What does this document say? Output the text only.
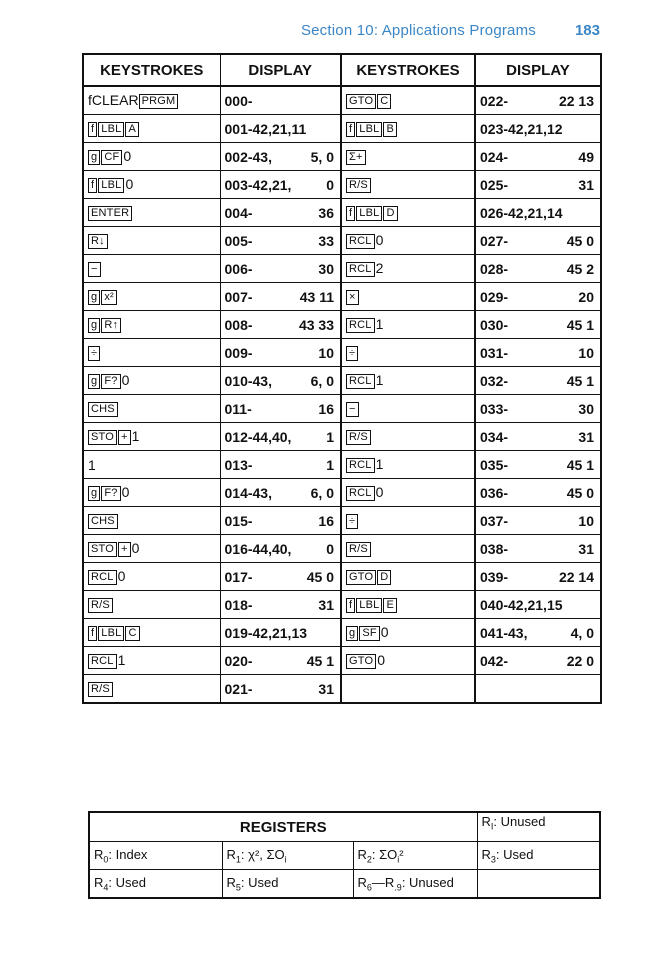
Section 10: Applications Programs	183
KEYSTROKES	DISPLAY	KEYSTROKES	DISPLAY
fCLEAR PRGM	000-	GTO C	022- 22 13

f LBL A	001-42,21,11	f LBL B	023-42,21,12

g CF 0	002-43, 5, 0	Σ+	024- 49

f LBL 0	003-42,21, 0	R/S	025- 31

ENTER	004- 36	f LBL D	026-42,21,14

R↓	005- 33	RCL 0	027- 45 0

−	006- 30	RCL 2	028- 45 2

g x²	007- 43 11	×	029- 20

g R↑	008- 43 33	RCL 1	030- 45 1

÷	009- 10	÷	031- 10

g F? 0	010-43, 6, 0	RCL 1	032- 45 1

CHS	011- 16	−	033- 30

STO + 1	012-44,40, 1	R/S	034- 31

1	013- 1	RCL 1	035- 45 1

g F? 0	014-43, 6, 0	RCL 0	036- 45 0

CHS	015- 16	÷	037- 10

STO + 0	016-44,40, 0	R/S	038- 31

RCL 0	017- 45 0	GTO D	039- 22 14

R/S	018- 31	f LBL E	040-42,21,15

f LBL C	019-42,21,13	g SF 0	041-43, 4, 0

RCL 1	020- 45 1	GTO 0	042- 22 0

R/S	021- 31		

REGISTERS			$R_I$: Unused
$R_0$: Index	$R_1$: χ², $\Sigma O_i$	$R_2$: $\Sigma O_i^2$	$R_3$: Used
$R_4$: Used	$R_5$: Used	$R_6—R_{.9}$: Unused	
